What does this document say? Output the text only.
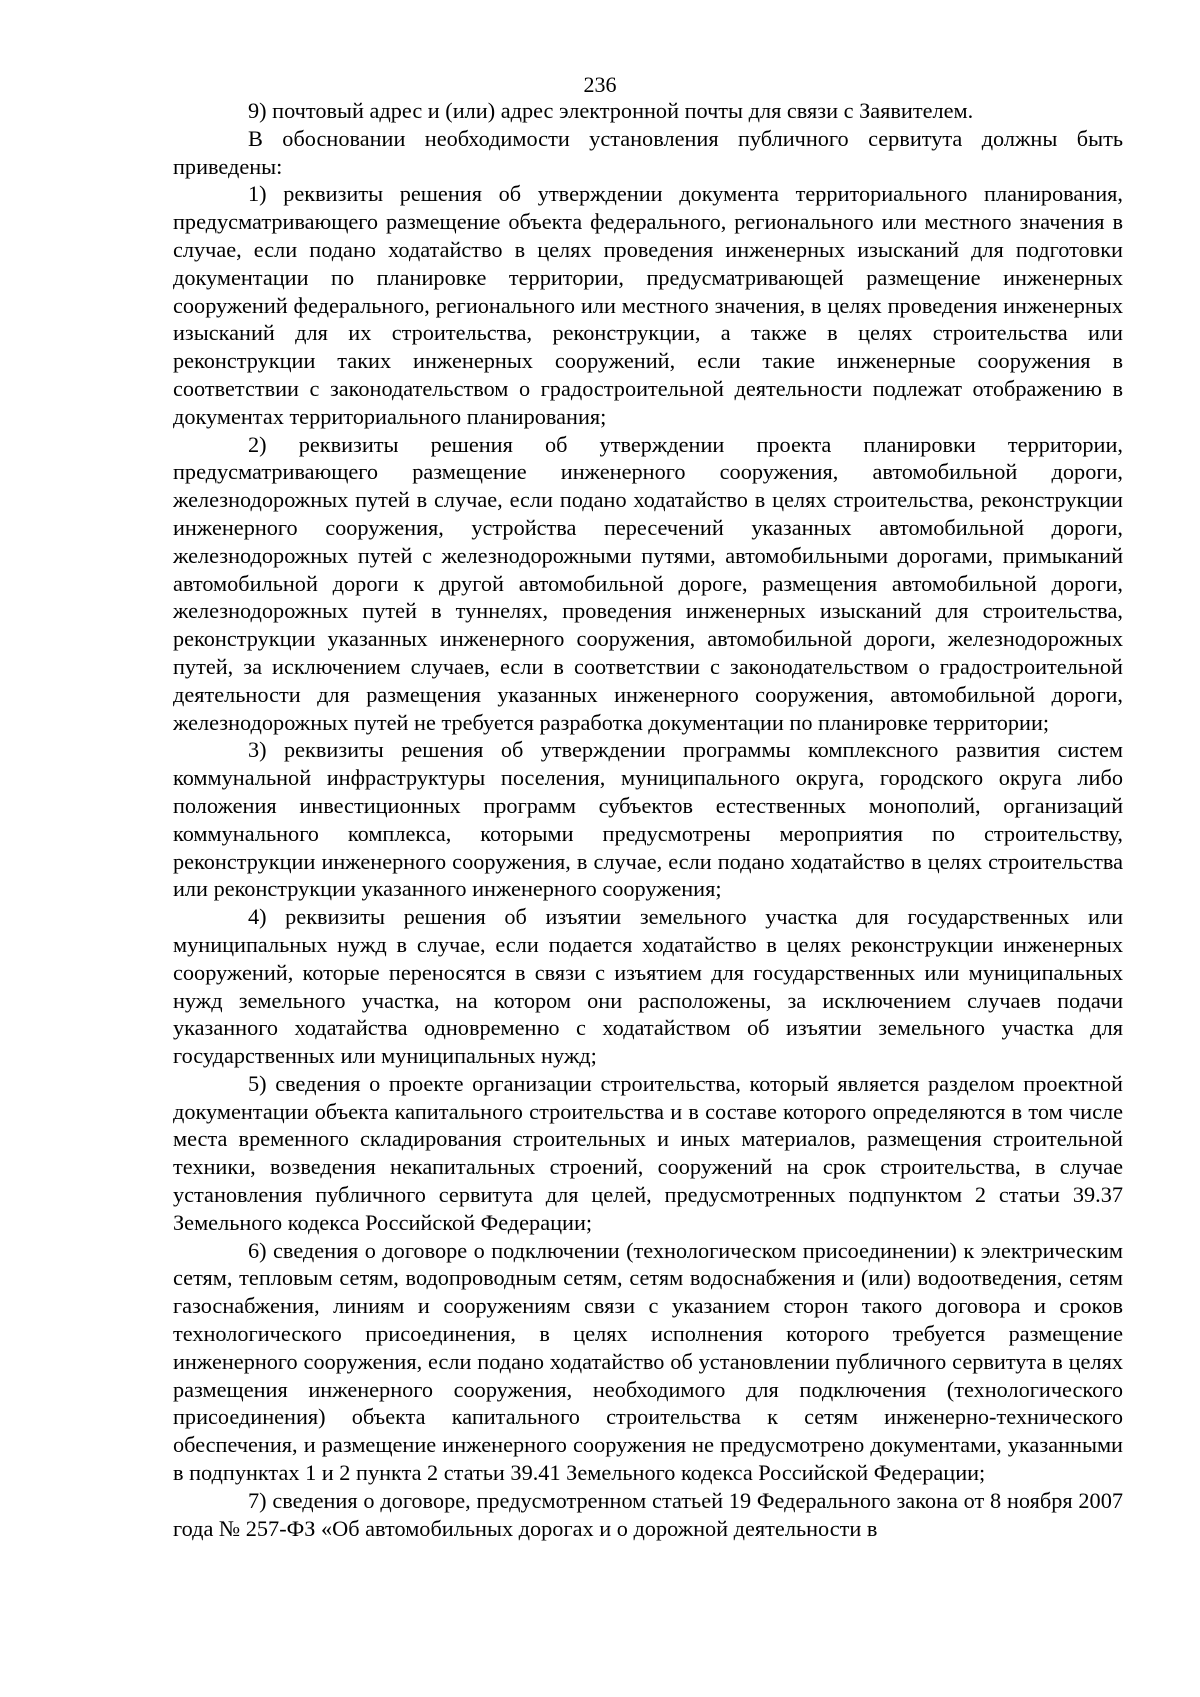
236

9) почтовый адрес и (или) адрес электронной почты для связи с Заявителем.

В обосновании необходимости установления публичного сервитута должны быть приведены:

1) реквизиты решения об утверждении документа территориального планирования, предусматривающего размещение объекта федерального, регионального или местного значения в случае, если подано ходатайство в целях проведения инженерных изысканий для подготовки документации по планировке территории, предусматривающей размещение инженерных сооружений федерального, регионального или местного значения, в целях проведения инженерных изысканий для их строительства, реконструкции, а также в целях строительства или реконструкции таких инженерных сооружений, если такие инженерные сооружения в соответствии с законодательством о градостроительной деятельности подлежат отображению в документах территориального планирования;

2) реквизиты решения об утверждении проекта планировки территории, предусматривающего размещение инженерного сооружения, автомобильной дороги, железнодорожных путей в случае, если подано ходатайство в целях строительства, реконструкции инженерного сооружения, устройства пересечений указанных автомобильной дороги, железнодорожных путей с железнодорожными путями, автомобильными дорогами, примыканий автомобильной дороги к другой автомобильной дороге, размещения автомобильной дороги, железнодорожных путей в туннелях, проведения инженерных изысканий для строительства, реконструкции указанных инженерного сооружения, автомобильной дороги, железнодорожных путей, за исключением случаев, если в соответствии с законодательством о градостроительной деятельности для размещения указанных инженерного сооружения, автомобильной дороги, железнодорожных путей не требуется разработка документации по планировке территории;

3) реквизиты решения об утверждении программы комплексного развития систем коммунальной инфраструктуры поселения, муниципального округа, городского округа либо положения инвестиционных программ субъектов естественных монополий, организаций коммунального комплекса, которыми предусмотрены мероприятия по строительству, реконструкции инженерного сооружения, в случае, если подано ходатайство в целях строительства или реконструкции указанного инженерного сооружения;

4) реквизиты решения об изъятии земельного участка для государственных или муниципальных нужд в случае, если подается ходатайство в целях реконструкции инженерных сооружений, которые переносятся в связи с изъятием для государственных или муниципальных нужд земельного участка, на котором они расположены, за исключением случаев подачи указанного ходатайства одновременно с ходатайством об изъятии земельного участка для государственных или муниципальных нужд;

5) сведения о проекте организации строительства, который является разделом проектной документации объекта капитального строительства и в составе которого определяются в том числе места временного складирования строительных и иных материалов, размещения строительной техники, возведения некапитальных строений, сооружений на срок строительства, в случае установления публичного сервитута для целей, предусмотренных подпунктом 2 статьи 39.37 Земельного кодекса Российской Федерации;

6) сведения о договоре о подключении (технологическом присоединении) к электрическим сетям, тепловым сетям, водопроводным сетям, сетям водоснабжения и (или) водоотведения, сетям газоснабжения, линиям и сооружениям связи с указанием сторон такого договора и сроков технологического присоединения, в целях исполнения которого требуется размещение инженерного сооружения, если подано ходатайство об установлении публичного сервитута в целях размещения инженерного сооружения, необходимого для подключения (технологического присоединения) объекта капитального строительства к сетям инженерно-технического обеспечения, и размещение инженерного сооружения не предусмотрено документами, указанными в подпунктах 1 и 2 пункта 2 статьи 39.41 Земельного кодекса Российской Федерации;

7) сведения о договоре, предусмотренном статьей 19 Федерального закона от 8 ноября 2007 года № 257-ФЗ «Об автомобильных дорогах и о дорожной деятельности в
